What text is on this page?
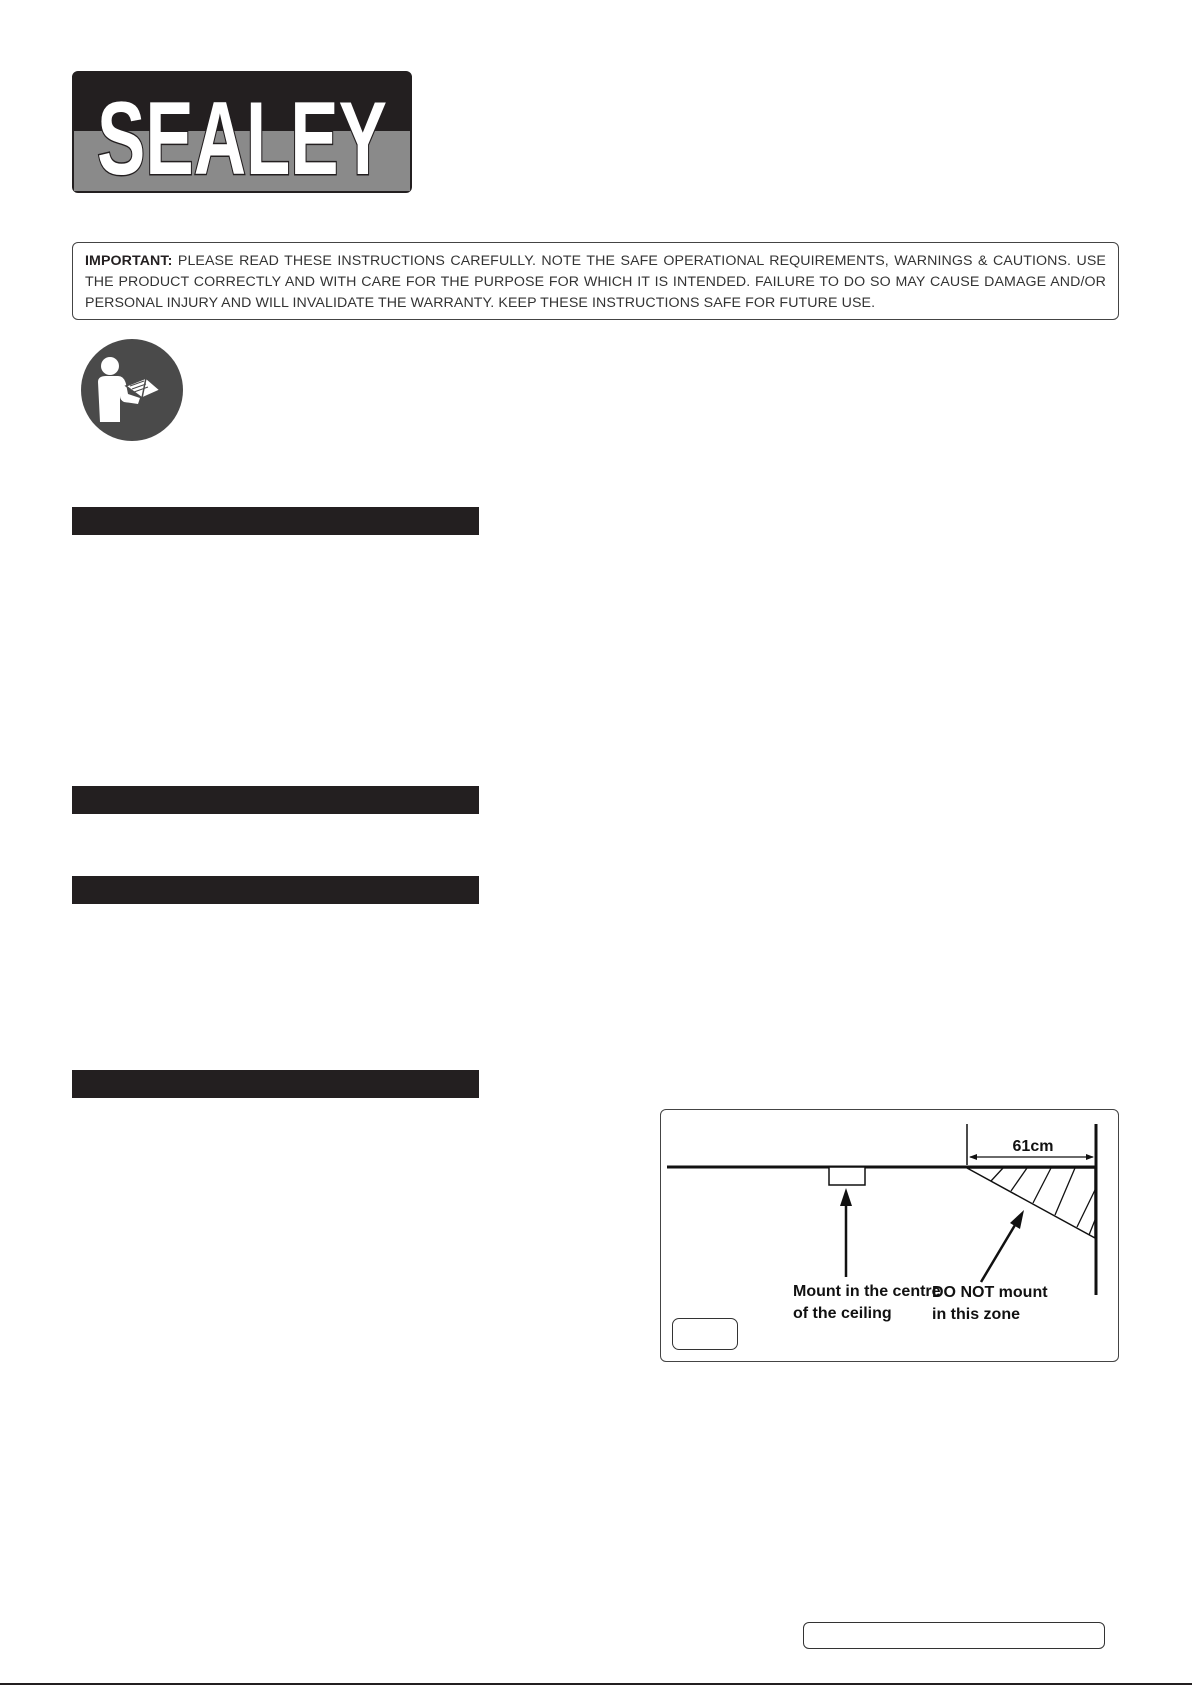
SEALEY
IMPORTANT: PLEASE READ THESE INSTRUCTIONS CAREFULLY. NOTE THE SAFE OPERATIONAL REQUIREMENTS, WARNINGS & CAUTIONS. USE THE PRODUCT CORRECTLY AND WITH CARE FOR THE PURPOSE FOR WHICH IT IS INTENDED. FAILURE TO DO SO MAY CAUSE DAMAGE AND/OR PERSONAL INJURY AND WILL INVALIDATE THE WARRANTY. KEEP THESE INSTRUCTIONS SAFE FOR FUTURE USE.
61cm
Mount in the centre
of the ceiling
DO NOT mount
in this zone
